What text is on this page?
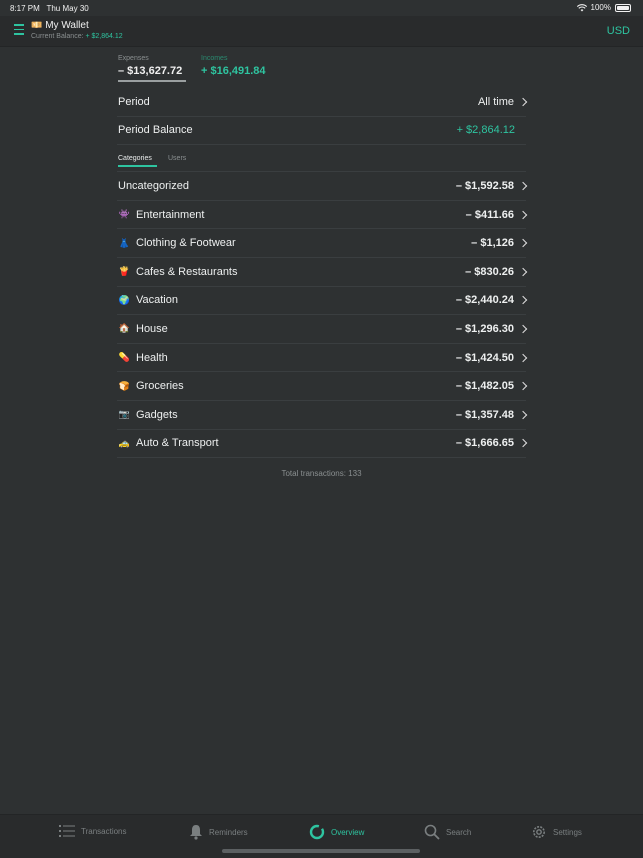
8:17 PM Thu May 30	100%
💴 My Wallet
Current Balance: + $2,864.12	USD
Expenses
– $13,627.72
Incomes
+ $16,491.84
Period	All time
Period Balance	+ $2,864.12
Categories	Users
Uncategorized	– $1,592.58
👾 Entertainment	– $411.66
👗 Clothing & Footwear	– $1,126
🍟 Cafes & Restaurants	– $830.26
🌍 Vacation	– $2,440.24
🏠 House	– $1,296.30
💊 Health	– $1,424.50
🍞 Groceries	– $1,482.05
📷 Gadgets	– $1,357.48
🚕 Auto & Transport	– $1,666.65
Total transactions: 133
Transactions	Reminders	Overview	Search	Settings
